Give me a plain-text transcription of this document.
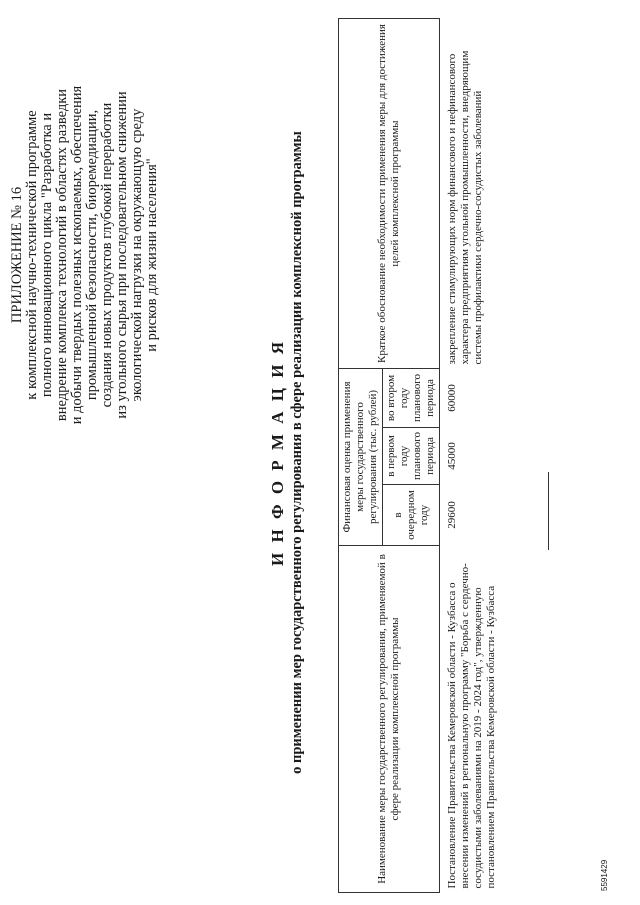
ПРИЛОЖЕНИЕ № 16 к комплексной научно-технической программе полного инновационного цикла "Разработка и внедрение комплекса технологий в областях разведки и добычи твердых полезных ископаемых, обеспечения промышленной безопасности, биоремедиации, создания новых продуктов глубокой переработки из угольного сырья при последовательном снижении экологической нагрузки на окружающую среду и рисков для жизни населения"
И Н Ф О Р М А Ц И Я о применении мер государственного регулирования в сфере реализации комплексной программы	Наименование меры государственного регулирования, применяемой в сфере реализации комплексной программы	Финансовая оценка применения меры государственного регулирования (тыс. рублей)			Краткое обоснование необходимости применения меры для достижения целей комплексной программы
	в очередном году	в первом году планового периода	во втором году планового периода	
Постановление Правительства Кемеровской области - Кузбасса о внесении изменений в региональную программу "Борьба с сердечно-сосудистыми заболеваниями на 2019 - 2024 год", утвержденную постановлением Правительства Кемеровской области - Кузбасса	29600	45000	60000	закрепление стимулирующих норм финансового и нефинансового характера предприятиям угольной промышленности, внедряющим системы профилактики сердечно-сосудистых заболеваний
5591429
